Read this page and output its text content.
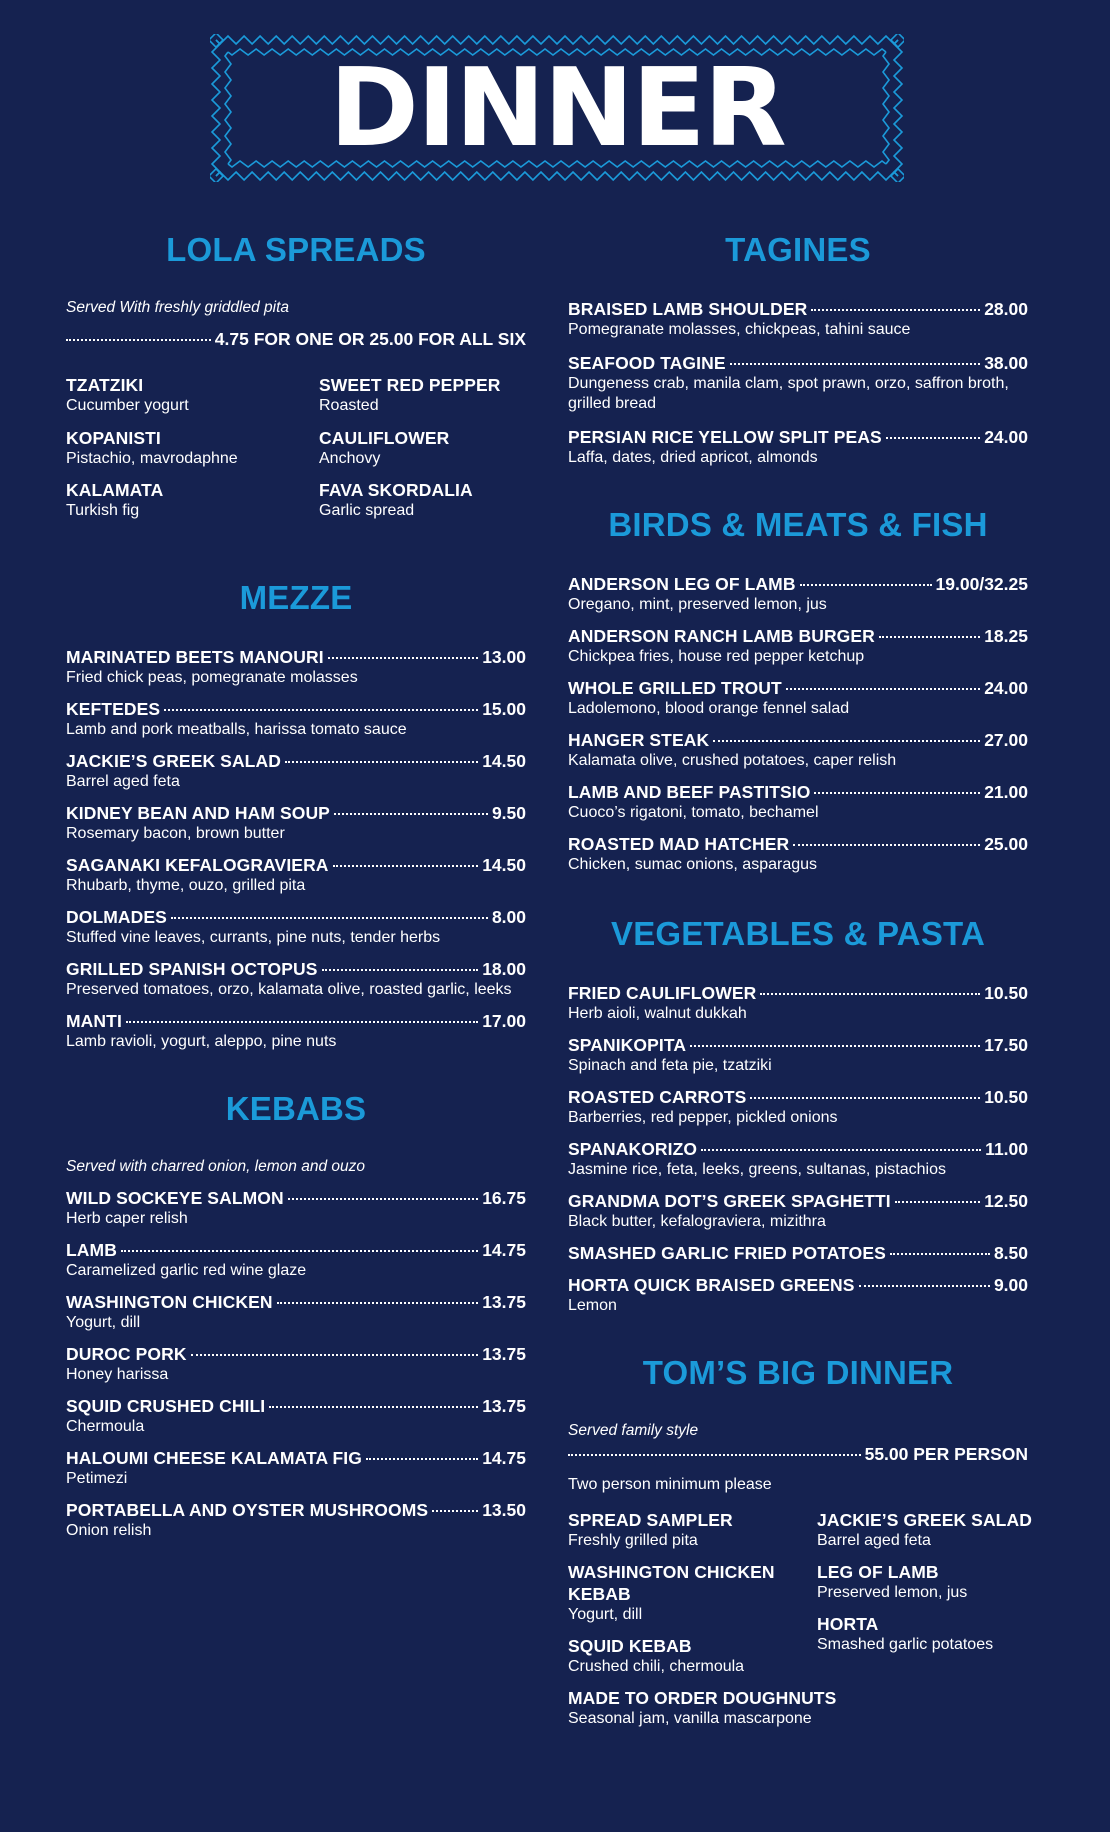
DINNER
LOLA SPREADS
Served With freshly griddled pita
4.75 FOR ONE OR 25.00 FOR ALL SIX
TZATZIKI
Cucumber yogurt
SWEET RED PEPPER
Roasted
KOPANISTI
Pistachio, mavrodaphne
CAULIFLOWER
Anchovy
KALAMATA
Turkish fig
FAVA SKORDALIA
Garlic spread
MEZZE
MARINATED BEETS MANOURI	13.00
Fried chick peas, pomegranate molasses
KEFTEDES	15.00
Lamb and pork meatballs, harissa tomato sauce
JACKIE’S GREEK SALAD	14.50
Barrel aged feta
KIDNEY BEAN AND HAM SOUP	9.50
Rosemary bacon, brown butter
SAGANAKI KEFALOGRAVIERA	14.50
Rhubarb, thyme, ouzo, grilled pita
DOLMADES	8.00
Stuffed vine leaves, currants, pine nuts, tender herbs
GRILLED SPANISH OCTOPUS	18.00
Preserved tomatoes, orzo, kalamata olive, roasted garlic, leeks
MANTI	17.00
Lamb ravioli, yogurt, aleppo, pine nuts
KEBABS
Served with charred onion, lemon and ouzo
WILD SOCKEYE SALMON	16.75
Herb caper relish
LAMB	14.75
Caramelized garlic red wine glaze
WASHINGTON CHICKEN	13.75
Yogurt, dill
DUROC PORK	13.75
Honey harissa
SQUID CRUSHED CHILI	13.75
Chermoula
HALOUMI CHEESE KALAMATA FIG	14.75
Petimezi
PORTABELLA AND OYSTER MUSHROOMS	13.50
Onion relish
TAGINES
BRAISED LAMB SHOULDER	28.00
Pomegranate molasses, chickpeas, tahini sauce
SEAFOOD TAGINE	38.00
Dungeness crab, manila clam, spot prawn, orzo, saffron broth, grilled bread
PERSIAN RICE YELLOW SPLIT PEAS	24.00
Laffa, dates, dried apricot, almonds
BIRDS & MEATS & FISH
ANDERSON LEG OF LAMB	19.00/32.25
Oregano, mint, preserved lemon, jus
ANDERSON RANCH LAMB BURGER	18.25
Chickpea fries, house red pepper ketchup
WHOLE GRILLED TROUT	24.00
Ladolemono, blood orange fennel salad
HANGER STEAK	27.00
Kalamata olive, crushed potatoes, caper relish
LAMB AND BEEF PASTITSIO	21.00
Cuoco’s rigatoni, tomato, bechamel
ROASTED MAD HATCHER	25.00
Chicken, sumac onions, asparagus
VEGETABLES & PASTA
FRIED CAULIFLOWER	10.50
Herb aioli, walnut dukkah
SPANIKOPITA	17.50
Spinach and feta pie, tzatziki
ROASTED CARROTS	10.50
Barberries, red pepper, pickled onions
SPANAKORIZO	11.00
Jasmine rice, feta, leeks, greens, sultanas, pistachios
GRANDMA DOT’S GREEK SPAGHETTI	12.50
Black butter, kefalograviera, mizithra
SMASHED GARLIC FRIED POTATOES	8.50
HORTA QUICK BRAISED GREENS	9.00
Lemon
TOM’S BIG DINNER
Served family style
55.00 PER PERSON
Two person minimum please
SPREAD SAMPLER
Freshly grilled pita
JACKIE’S GREEK SALAD
Barrel aged feta
WASHINGTON CHICKEN KEBAB
Yogurt, dill
LEG OF LAMB
Preserved lemon, jus
HORTA
Smashed garlic potatoes
SQUID KEBAB
Crushed chili, chermoula
MADE TO ORDER DOUGHNUTS
Seasonal jam, vanilla mascarpone
